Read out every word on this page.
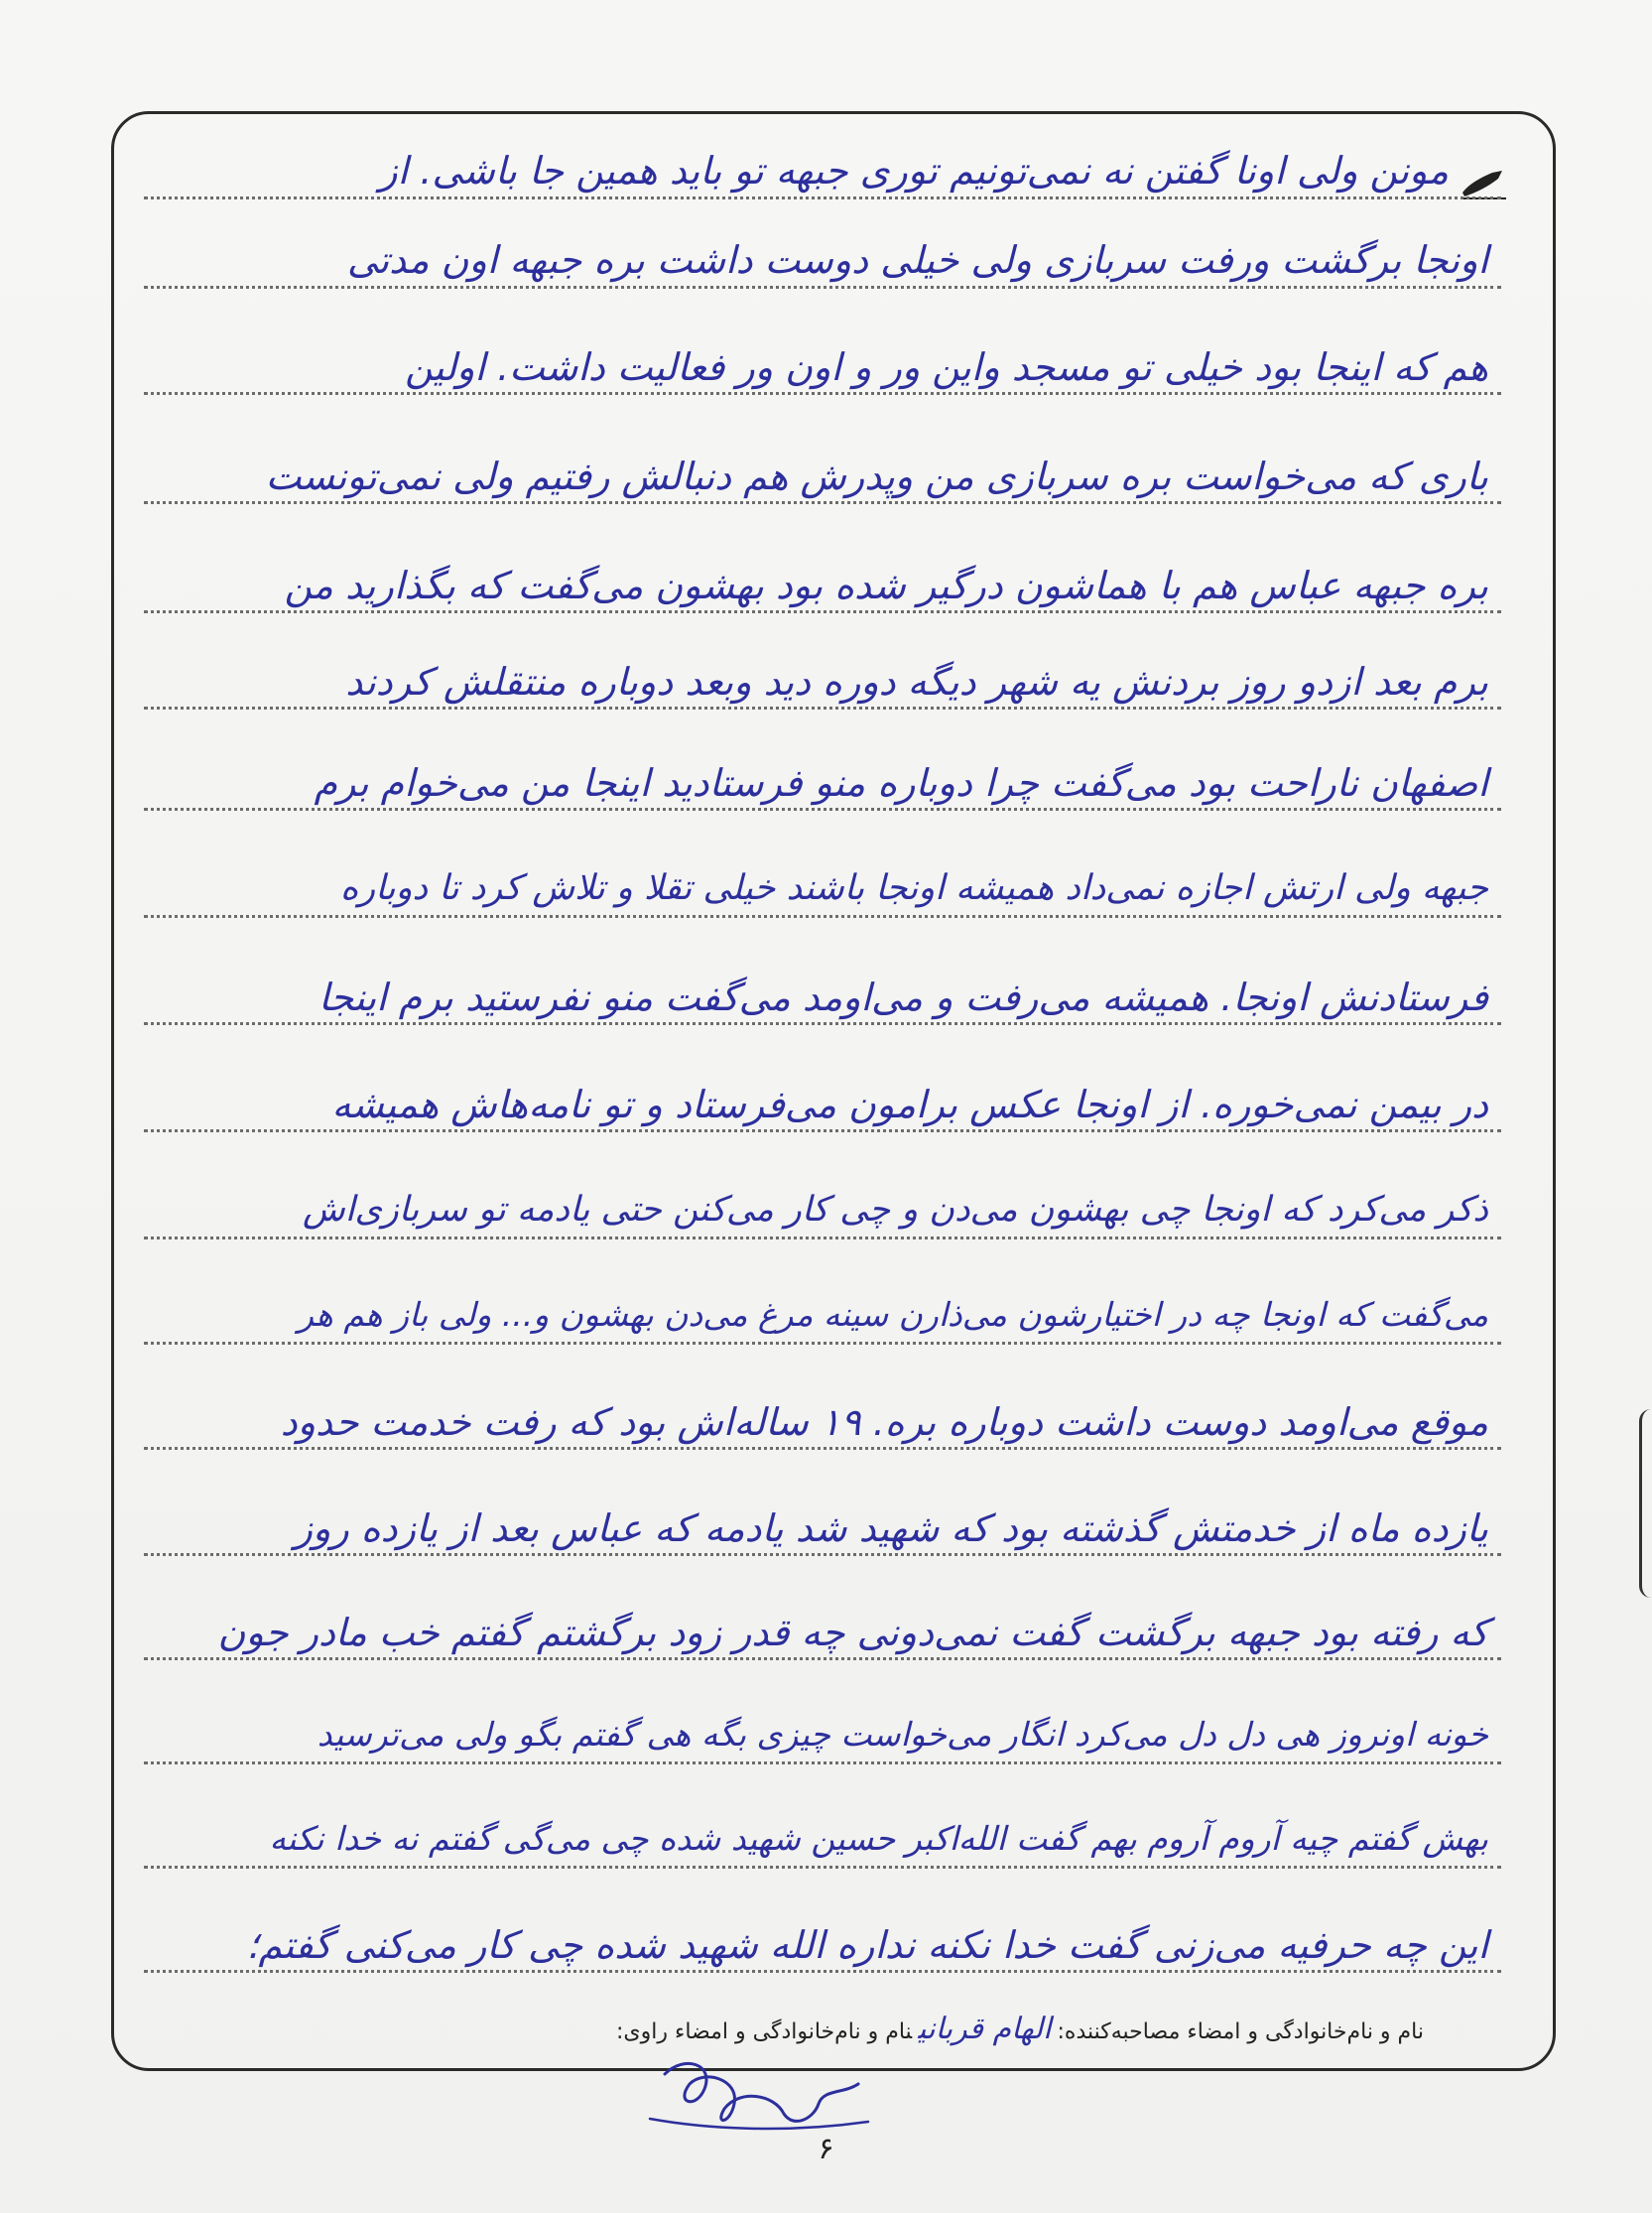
مونن ولی اونا گفتن نه نمی‌تونیم توری جبهه تو باید همین جا باشی. از
اونجا برگشت ورفت سربازی ولی خیلی دوست داشت بره جبهه اون مدتی
هم که اینجا بود خیلی تو مسجد واین ور و اون ور فعالیت داشت. اولین
باری که می‌خواست بره سربازی من وپدرش هم دنبالش رفتیم ولی نمی‌تونست
بره جبهه عباس هم با هماشون درگیر شده بود بهشون می‌گفت که بگذارید من
برم بعد ازدو روز بردنش یه شهر دیگه دوره دید وبعد دوباره منتقلش کردند
اصفهان ناراحت بود می‌گفت چرا دوباره منو فرستادید اینجا من می‌خوام برم
جبهه ولی ارتش اجازه نمی‌داد همیشه اونجا باشند خیلی تقلا و تلاش کرد تا دوباره
فرستادنش اونجا. همیشه می‌رفت و می‌اومد می‌گفت منو نفرستید برم اینجا
در بیمن نمی‌خوره. از اونجا عکس برامون می‌فرستاد و تو نامه‌هاش همیشه
ذکر می‌کرد که اونجا چی بهشون می‌دن و چی کار می‌کنن حتی یادمه تو سربازی‌اش
می‌گفت که اونجا چه در اختیارشون می‌ذارن سینه مرغ می‌دن بهشون و... ولی باز هم هر
موقع می‌اومد دوست داشت دوباره بره. ۱۹ ساله‌اش بود که رفت خدمت حدود
یازده ماه از خدمتش گذشته بود که شهید شد یادمه که عباس بعد از یازده روز
که رفته بود جبهه برگشت گفت نمی‌دونی چه قدر زود برگشتم گفتم خب مادر جون
خونه اونروز هی دل دل می‌کرد انگار می‌خواست چیزی بگه هی گفتم بگو ولی می‌ترسید
بهش گفتم چیه آروم آروم بهم گفت الله‌اکبر حسین شهید شده چی می‌گی گفتم نه خدا نکنه
این چه حرفیه می‌زنی گفت خدا نکنه نداره الله شهید شده چی کار می‌کنی گفتم؛
نام و نام‌خانوادگی و امضاء مصاحبه‌کننده:الهام قربانینام و نام‌خانوادگی و امضاء راوی:
۶
